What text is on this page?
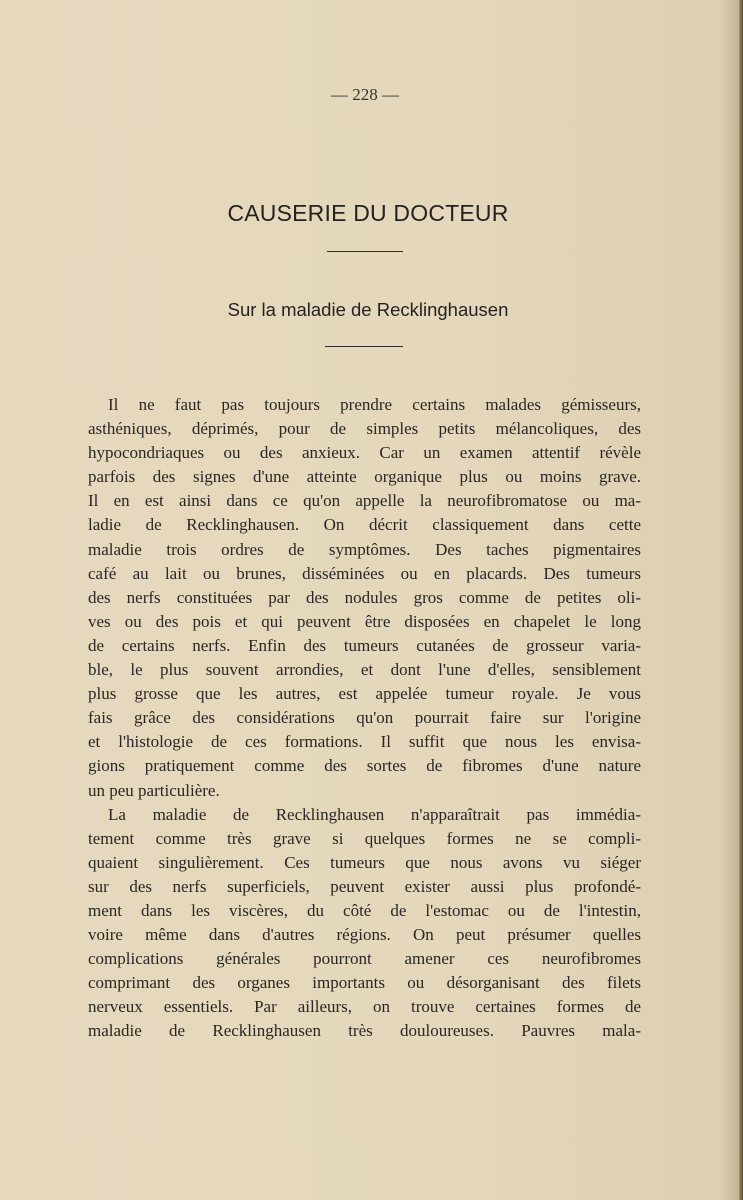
— 228 —
CAUSERIE DU DOCTEUR
Sur la maladie de Recklinghausen
Il ne faut pas toujours prendre certains malades gémisseurs,
asthéniques, déprimés, pour de simples petits mélancoliques, des
hypocondriaques ou des anxieux. Car un examen attentif révèle
parfois des signes d'une atteinte organique plus ou moins grave.
Il en est ainsi dans ce qu'on appelle la neurofibromatose ou ma-
ladie de Recklinghausen. On décrit classiquement dans cette
maladie trois ordres de symptômes. Des taches pigmentaires
café au lait ou brunes, disséminées ou en placards. Des tumeurs
des nerfs constituées par des nodules gros comme de petites oli-
ves ou des pois et qui peuvent être disposées en chapelet le long
de certains nerfs. Enfin des tumeurs cutanées de grosseur varia-
ble, le plus souvent arrondies, et dont l'une d'elles, sensiblement
plus grosse que les autres, est appelée tumeur royale. Je vous
fais grâce des considérations qu'on pourrait faire sur l'origine
et l'histologie de ces formations. Il suffit que nous les envisa-
gions pratiquement comme des sortes de fibromes d'une nature
un peu particulière.
La maladie de Recklinghausen n'apparaîtrait pas immédia-
tement comme très grave si quelques formes ne se compli-
quaient singulièrement. Ces tumeurs que nous avons vu siéger
sur des nerfs superficiels, peuvent exister aussi plus profondé-
ment dans les viscères, du côté de l'estomac ou de l'intestin,
voire même dans d'autres régions. On peut présumer quelles
complications générales pourront amener ces neurofibromes
comprimant des organes importants ou désorganisant des filets
nerveux essentiels. Par ailleurs, on trouve certaines formes de
maladie de Recklinghausen très douloureuses. Pauvres mala-
